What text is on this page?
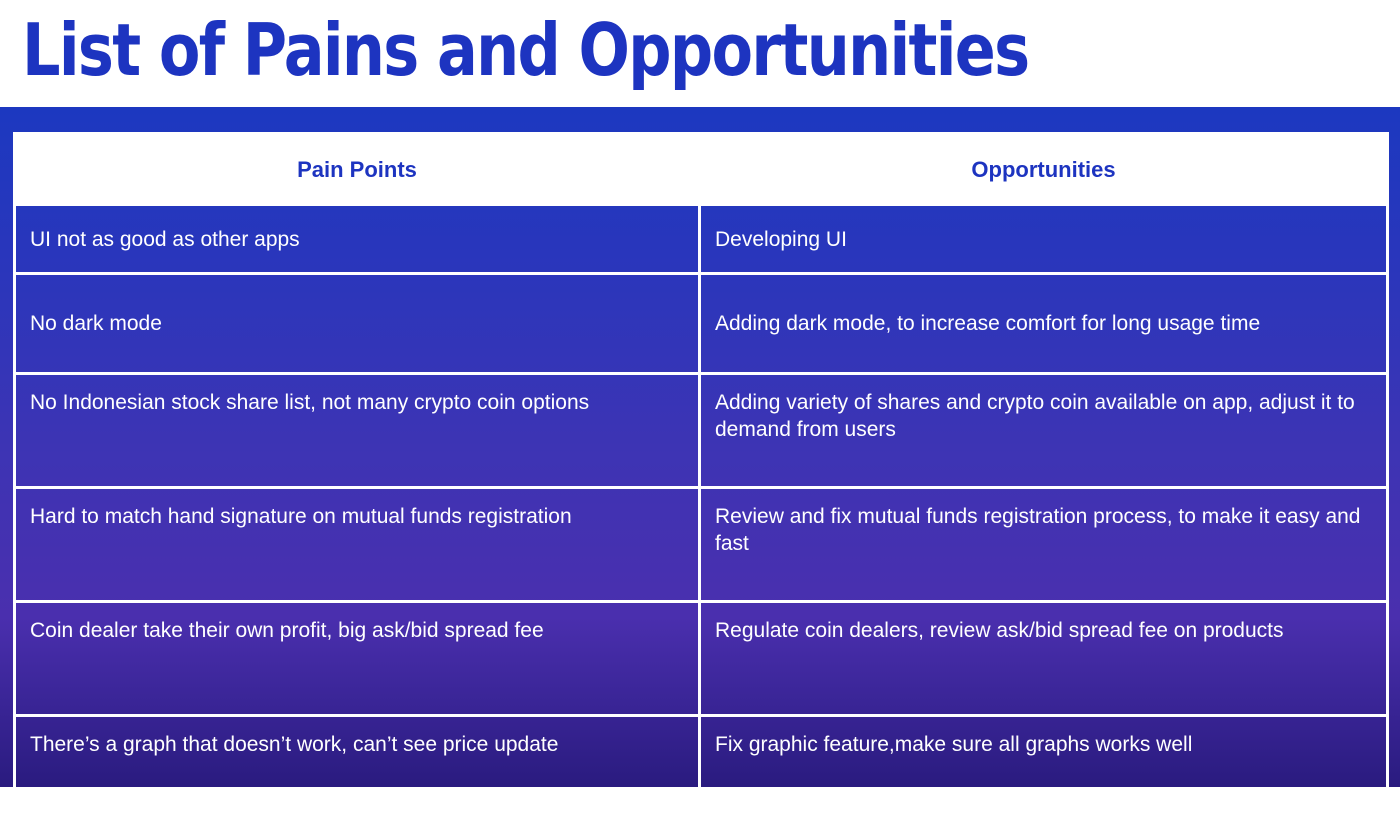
List of Pains and Opportunities
Pain Points	Opportunities
UI not as good as other apps	Developing UI
No dark mode	Adding dark mode, to increase comfort for long usage time
No Indonesian stock share list, not many crypto coin options	Adding variety of shares and crypto coin available on app, adjust it to demand from users
Hard to match hand signature on mutual funds registration	Review and fix mutual funds registration process, to make it easy and fast
Coin dealer take their own profit, big ask/bid spread fee	Regulate coin dealers, review ask/bid spread fee on products
There’s a graph that doesn’t work, can’t see price update	Fix graphic feature,make sure all graphs works well
